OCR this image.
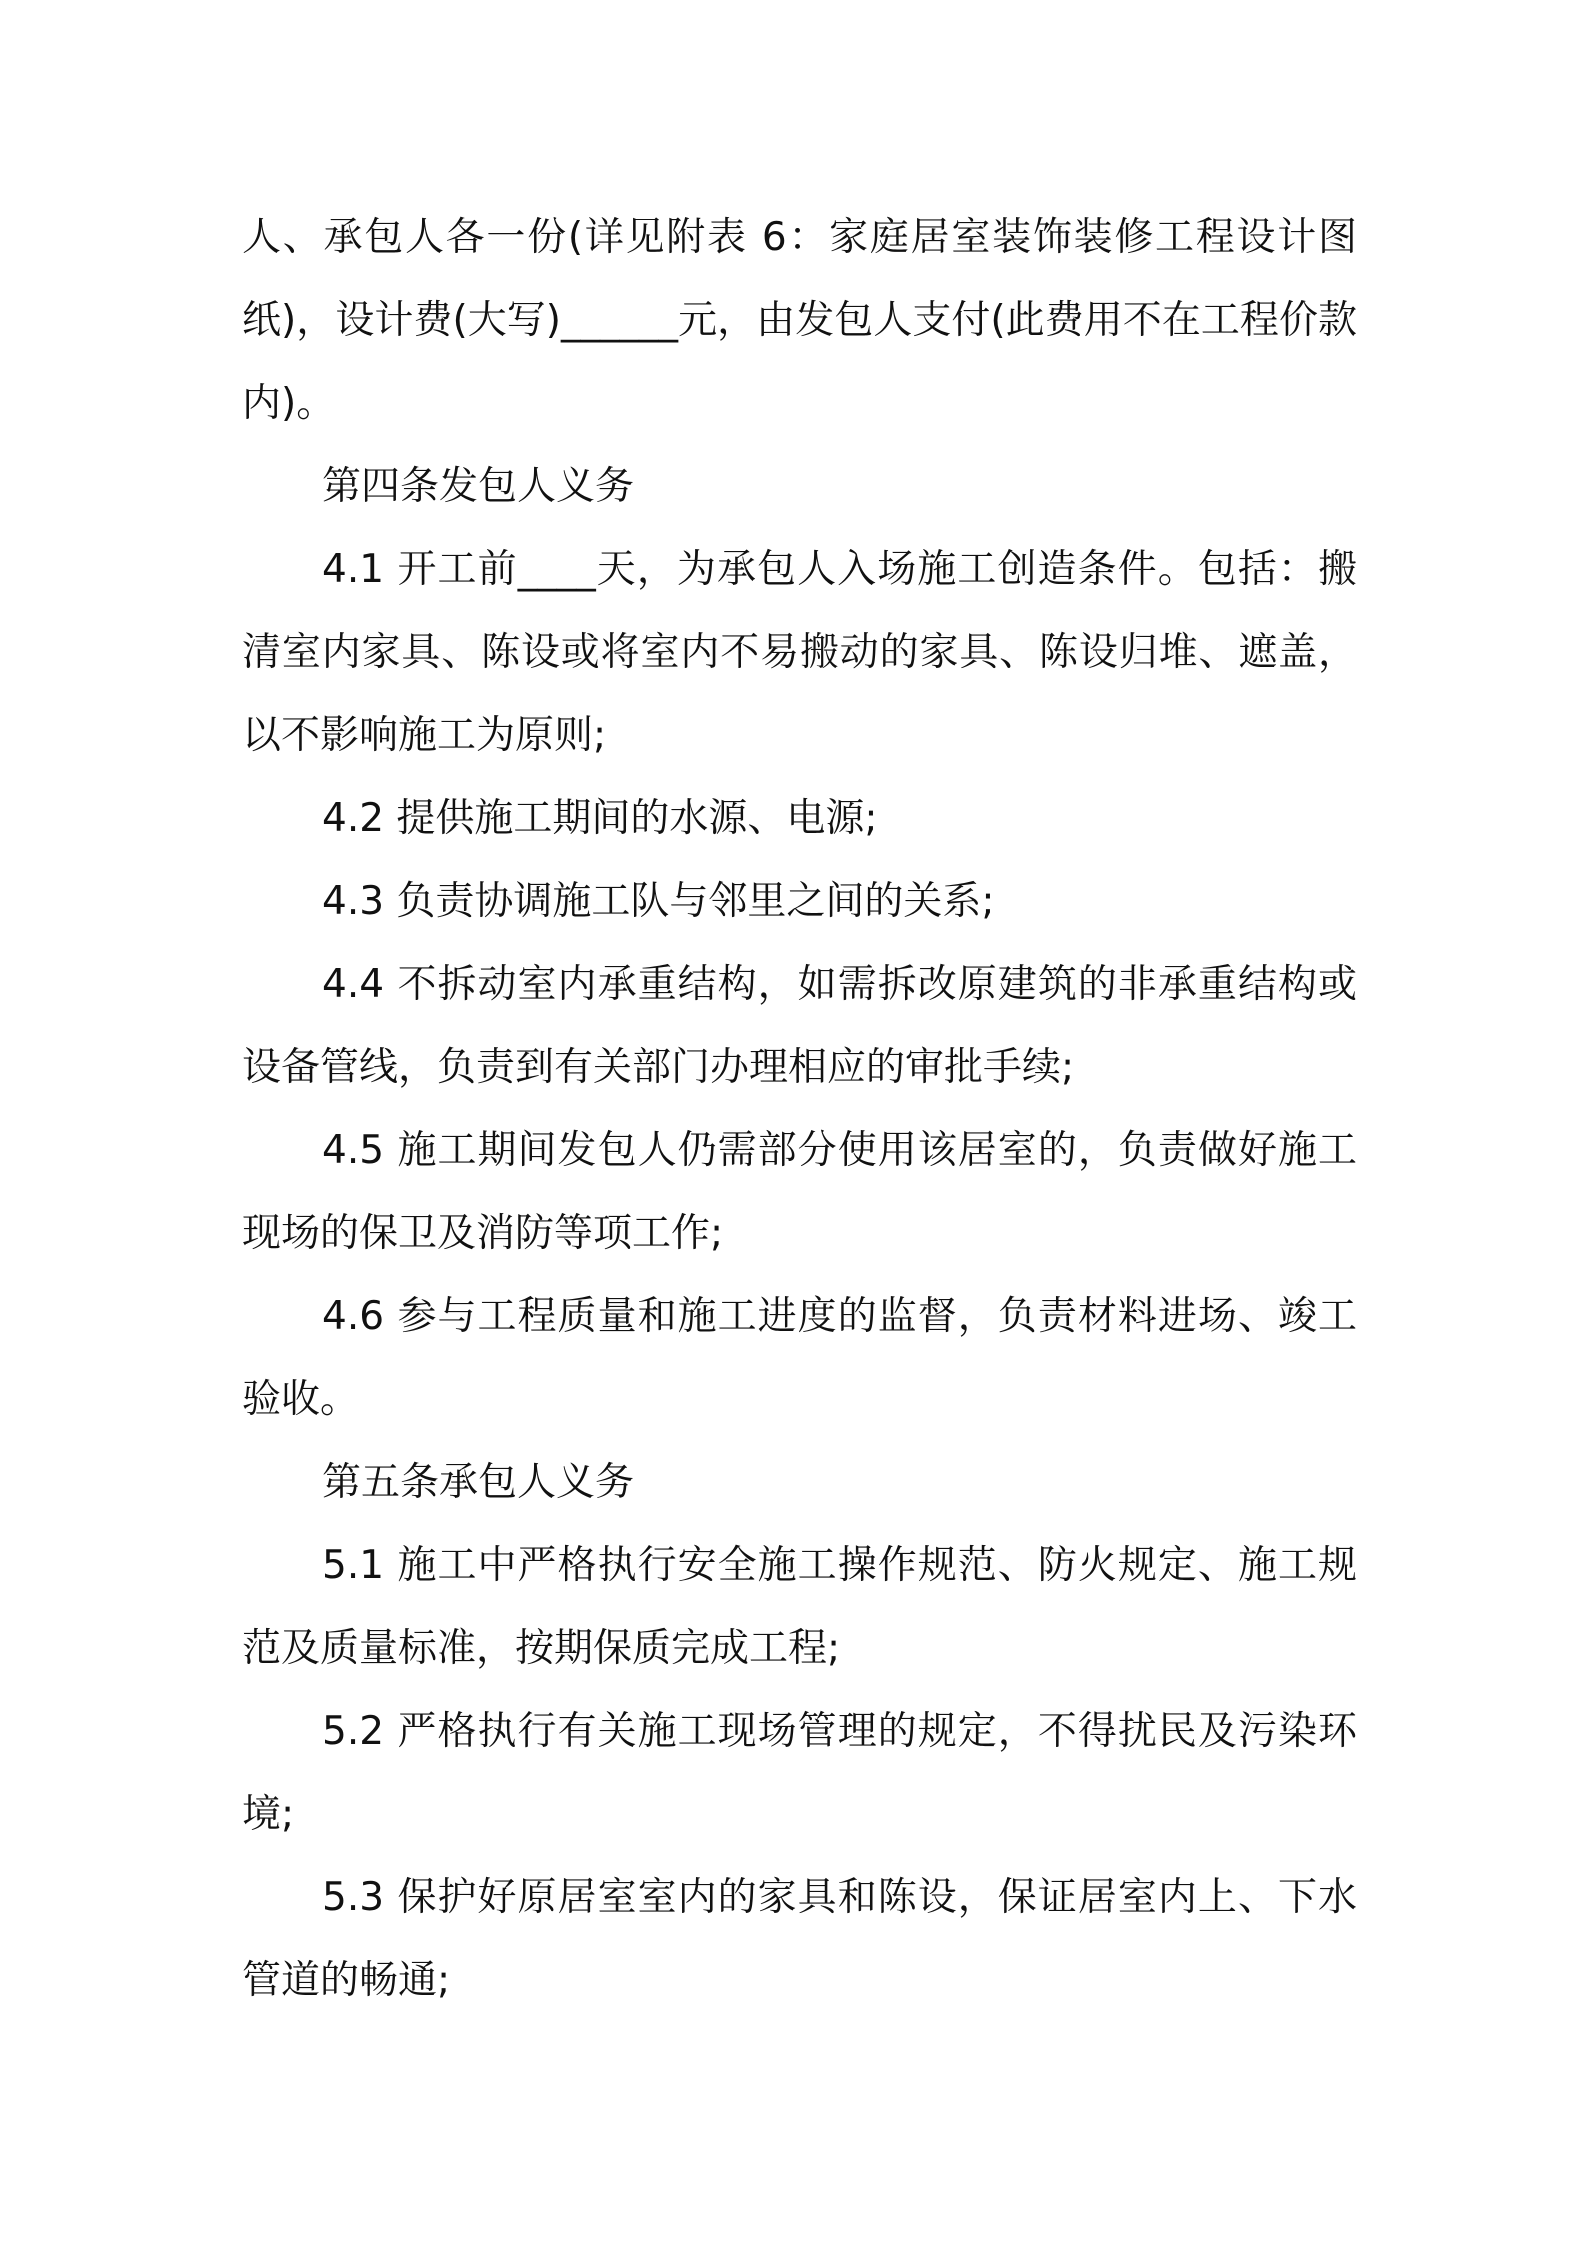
人、承包人各一份(详见附表 6：家庭居室装饰装修工程设计图纸)，设计费(大写)______元，由发包人支付(此费用不在工程价款内)。

第四条发包人义务

4.1 开工前____天，为承包人入场施工创造条件。包括：搬清室内家具、陈设或将室内不易搬动的家具、陈设归堆、遮盖，以不影响施工为原则;

4.2 提供施工期间的水源、电源;

4.3 负责协调施工队与邻里之间的关系;

4.4 不拆动室内承重结构，如需拆改原建筑的非承重结构或设备管线，负责到有关部门办理相应的审批手续;

4.5 施工期间发包人仍需部分使用该居室的，负责做好施工现场的保卫及消防等项工作;

4.6 参与工程质量和施工进度的监督，负责材料进场、竣工验收。

第五条承包人义务

5.1 施工中严格执行安全施工操作规范、防火规定、施工规范及质量标准，按期保质完成工程;

5.2 严格执行有关施工现场管理的规定，不得扰民及污染环境;

5.3 保护好原居室室内的家具和陈设，保证居室内上、下水管道的畅通;
